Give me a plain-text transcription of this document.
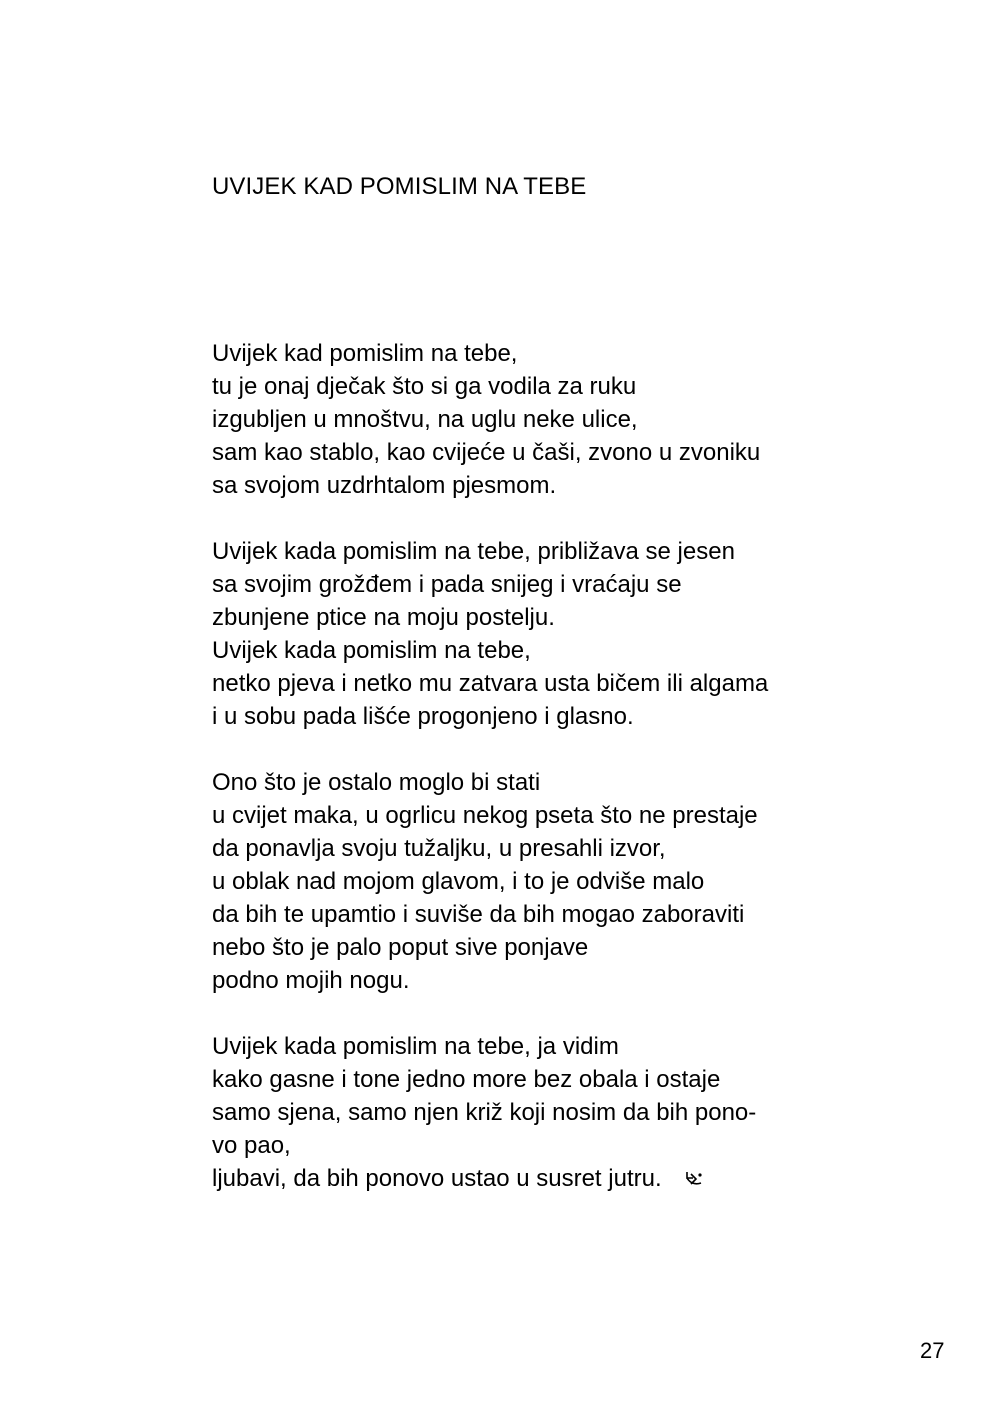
UVIJEK KAD POMISLIM NA TEBE
Uvijek kad pomislim na tebe,
tu je onaj dječak što si ga vodila za ruku
izgubljen u mnoštvu, na uglu neke ulice,
sam kao stablo, kao cvijeće u čaši, zvono u zvoniku
sa svojom uzdrhtalom pjesmom.
Uvijek kada pomislim na tebe, približava se jesen
sa svojim grožđem i pada snijeg i vraćaju se
zbunjene ptice na moju postelju.
Uvijek kada pomislim na tebe,
netko pjeva i netko mu zatvara usta bičem ili algama
i u sobu pada lišće progonjeno i glasno.
Ono što je ostalo moglo bi stati
u cvijet maka, u ogrlicu nekog pseta što ne prestaje
da ponavlja svoju tužaljku, u presahli izvor,
u oblak nad mojom glavom, i to je odviše malo
da bih te upamtio i suviše da bih mogao zaboraviti
nebo što je palo poput sive ponjave
podno mojih nogu.
Uvijek kada pomislim na tebe, ja vidim
kako gasne i tone jedno more bez obala i ostaje
samo sjena, samo njen križ koji nosim da bih pono-
vo pao,
ljubavi, da bih ponovo ustao u susret jutru.
27
